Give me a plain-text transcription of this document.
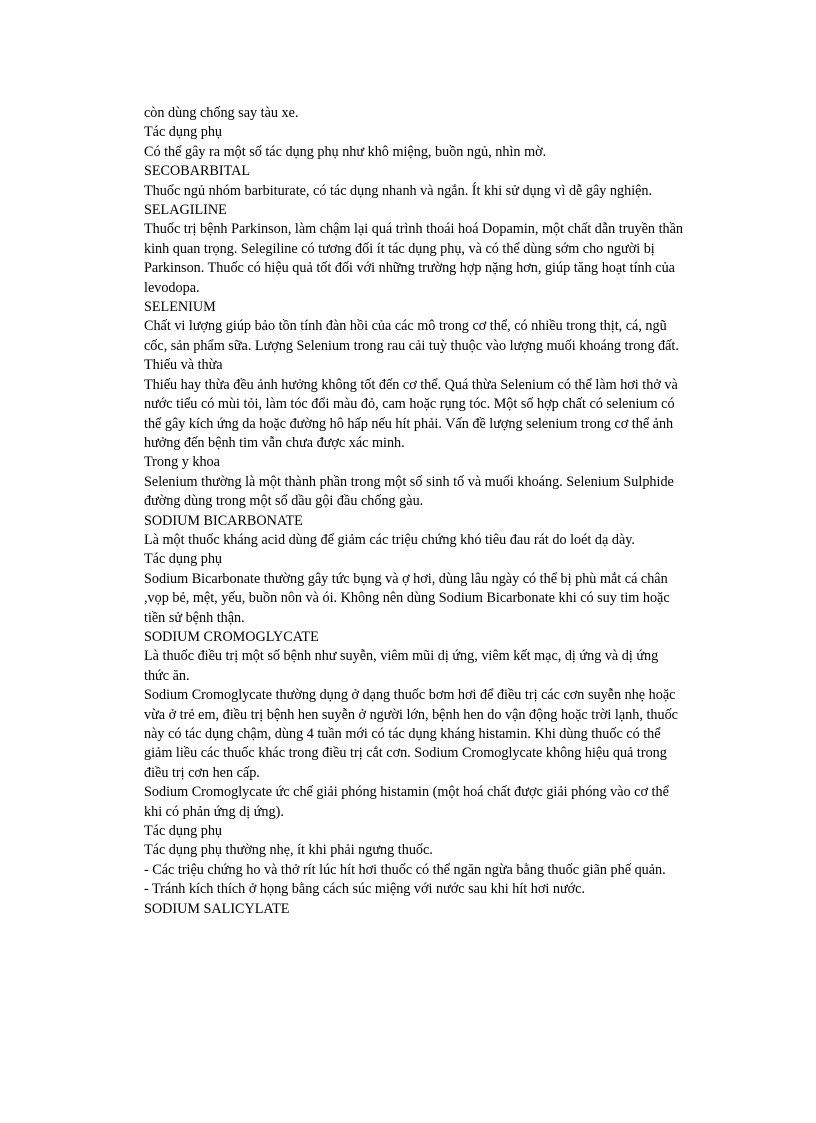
còn dùng chống say tàu xe.

Tác dụng phụ

Có thể gây ra một số tác dụng phụ như khô miệng, buồn ngủ, nhìn mờ.

SECOBARBITAL

Thuốc ngủ nhóm barbiturate, có tác dụng nhanh và ngắn. Ít khi sử dụng vì dễ gây nghiện.

SELAGILINE

Thuốc trị bệnh Parkinson, làm chậm lại quá trình thoái hoá Dopamin, một chất dẫn truyền thần kinh quan trọng. Selegiline có tương đối ít tác dụng phụ, và có thể dùng sớm cho người bị Parkinson. Thuốc có hiệu quả tốt đối với những trường hợp nặng hơn, giúp tăng hoạt tính của levodopa.

SELENIUM

Chất vi lượng giúp bảo tồn tính đàn hồi của các mô trong cơ thể, có nhiều trong thịt, cá, ngũ cốc, sản phẩm sữa. Lượng Selenium trong rau cải tuỳ thuộc vào lượng muối khoáng trong đất.

Thiếu và thừa

Thiếu hay thừa đều ảnh hưởng không tốt đến cơ thể. Quá thừa Selenium có thể làm hơi thở và nước tiểu có mùi tỏi, làm tóc đổi màu đỏ, cam hoặc rụng tóc. Một số hợp chất có selenium có thể gây kích ứng da hoặc đường hô hấp nếu hít phải. Vấn đề lượng selenium trong cơ thể ảnh hưởng đến bệnh tim vẫn chưa được xác minh.

Trong y khoa

Selenium thường là một thành phần trong một số sinh tố và muối khoáng. Selenium Sulphide đường dùng trong một số dầu gội đầu chống gàu.

SODIUM BICARBONATE

Là một thuốc kháng acid dùng để giảm các triệu chứng khó tiêu đau rát do loét dạ dày.

Tác dụng phụ

Sodium Bicarbonate thường gây tức bụng và ợ hơi, dùng lâu ngày có thể bị phù mắt cá chân ,vọp bẻ, mệt, yếu, buồn nôn và ói. Không nên dùng Sodium Bicarbonate khi có suy tim hoặc tiền sử bệnh thận.

SODIUM CROMOGLYCATE

Là thuốc điều trị một số bệnh như suyễn, viêm mũi dị ứng, viêm kết mạc, dị ứng và dị ứng thức ăn.

Sodium Cromoglycate thường dụng ở dạng thuốc bơm hơi để điều trị các cơn suyễn nhẹ hoặc vừa ở trẻ em, điều trị bệnh hen suyễn ở người lớn, bệnh hen do vận động hoặc trời lạnh, thuốc này có tác dụng chậm, dùng 4 tuần mới có tác dụng kháng histamin. Khi dùng thuốc có thể giảm liều các thuốc khác trong điều trị cắt cơn. Sodium Cromoglycate không hiệu quả trong điều trị cơn hen cấp.

Sodium Cromoglycate ức chế giải phóng histamin (một hoá chất được giải phóng vào cơ thể khi có phản ứng dị ứng).

Tác dụng phụ

Tác dụng phụ thường nhẹ, ít khi phải ngưng thuốc.

- Các triệu chứng ho và thở rít lúc hít hơi thuốc có thể ngăn ngừa bằng thuốc giãn phế quản.

- Tránh kích thích ở họng bằng cách súc miệng với nước sau khi hít hơi nước.

SODIUM SALICYLATE
